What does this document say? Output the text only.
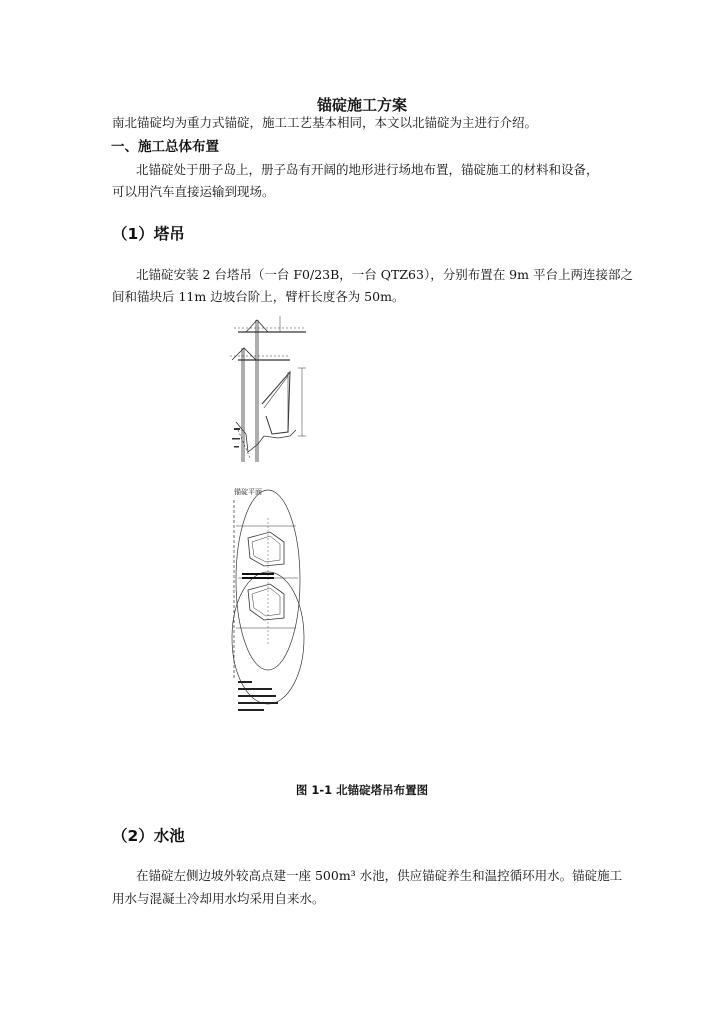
锚碇施工方案
南北锚碇均为重力式锚碇，施工工艺基本相同，本文以北锚碇为主进行介绍。
一、施工总体布置
北锚碇处于册子岛上，册子岛有开阔的地形进行场地布置，锚碇施工的材料和设备，
可以用汽车直接运输到现场。
（1）塔吊
北锚碇安装 2 台塔吊（一台 F0/23B，一台 QTZ63），分别布置在 9m 平台上两连接部之
间和锚块后 11m 边坡台阶上，臂杆长度各为 50m。
锚碇平面
图 1-1 北锚碇塔吊布置图
（2）水池
在锚碇左侧边坡外较高点建一座 500m³ 水池，供应锚碇养生和温控循环用水。锚碇施工
用水与混凝土冷却用水均采用自来水。
